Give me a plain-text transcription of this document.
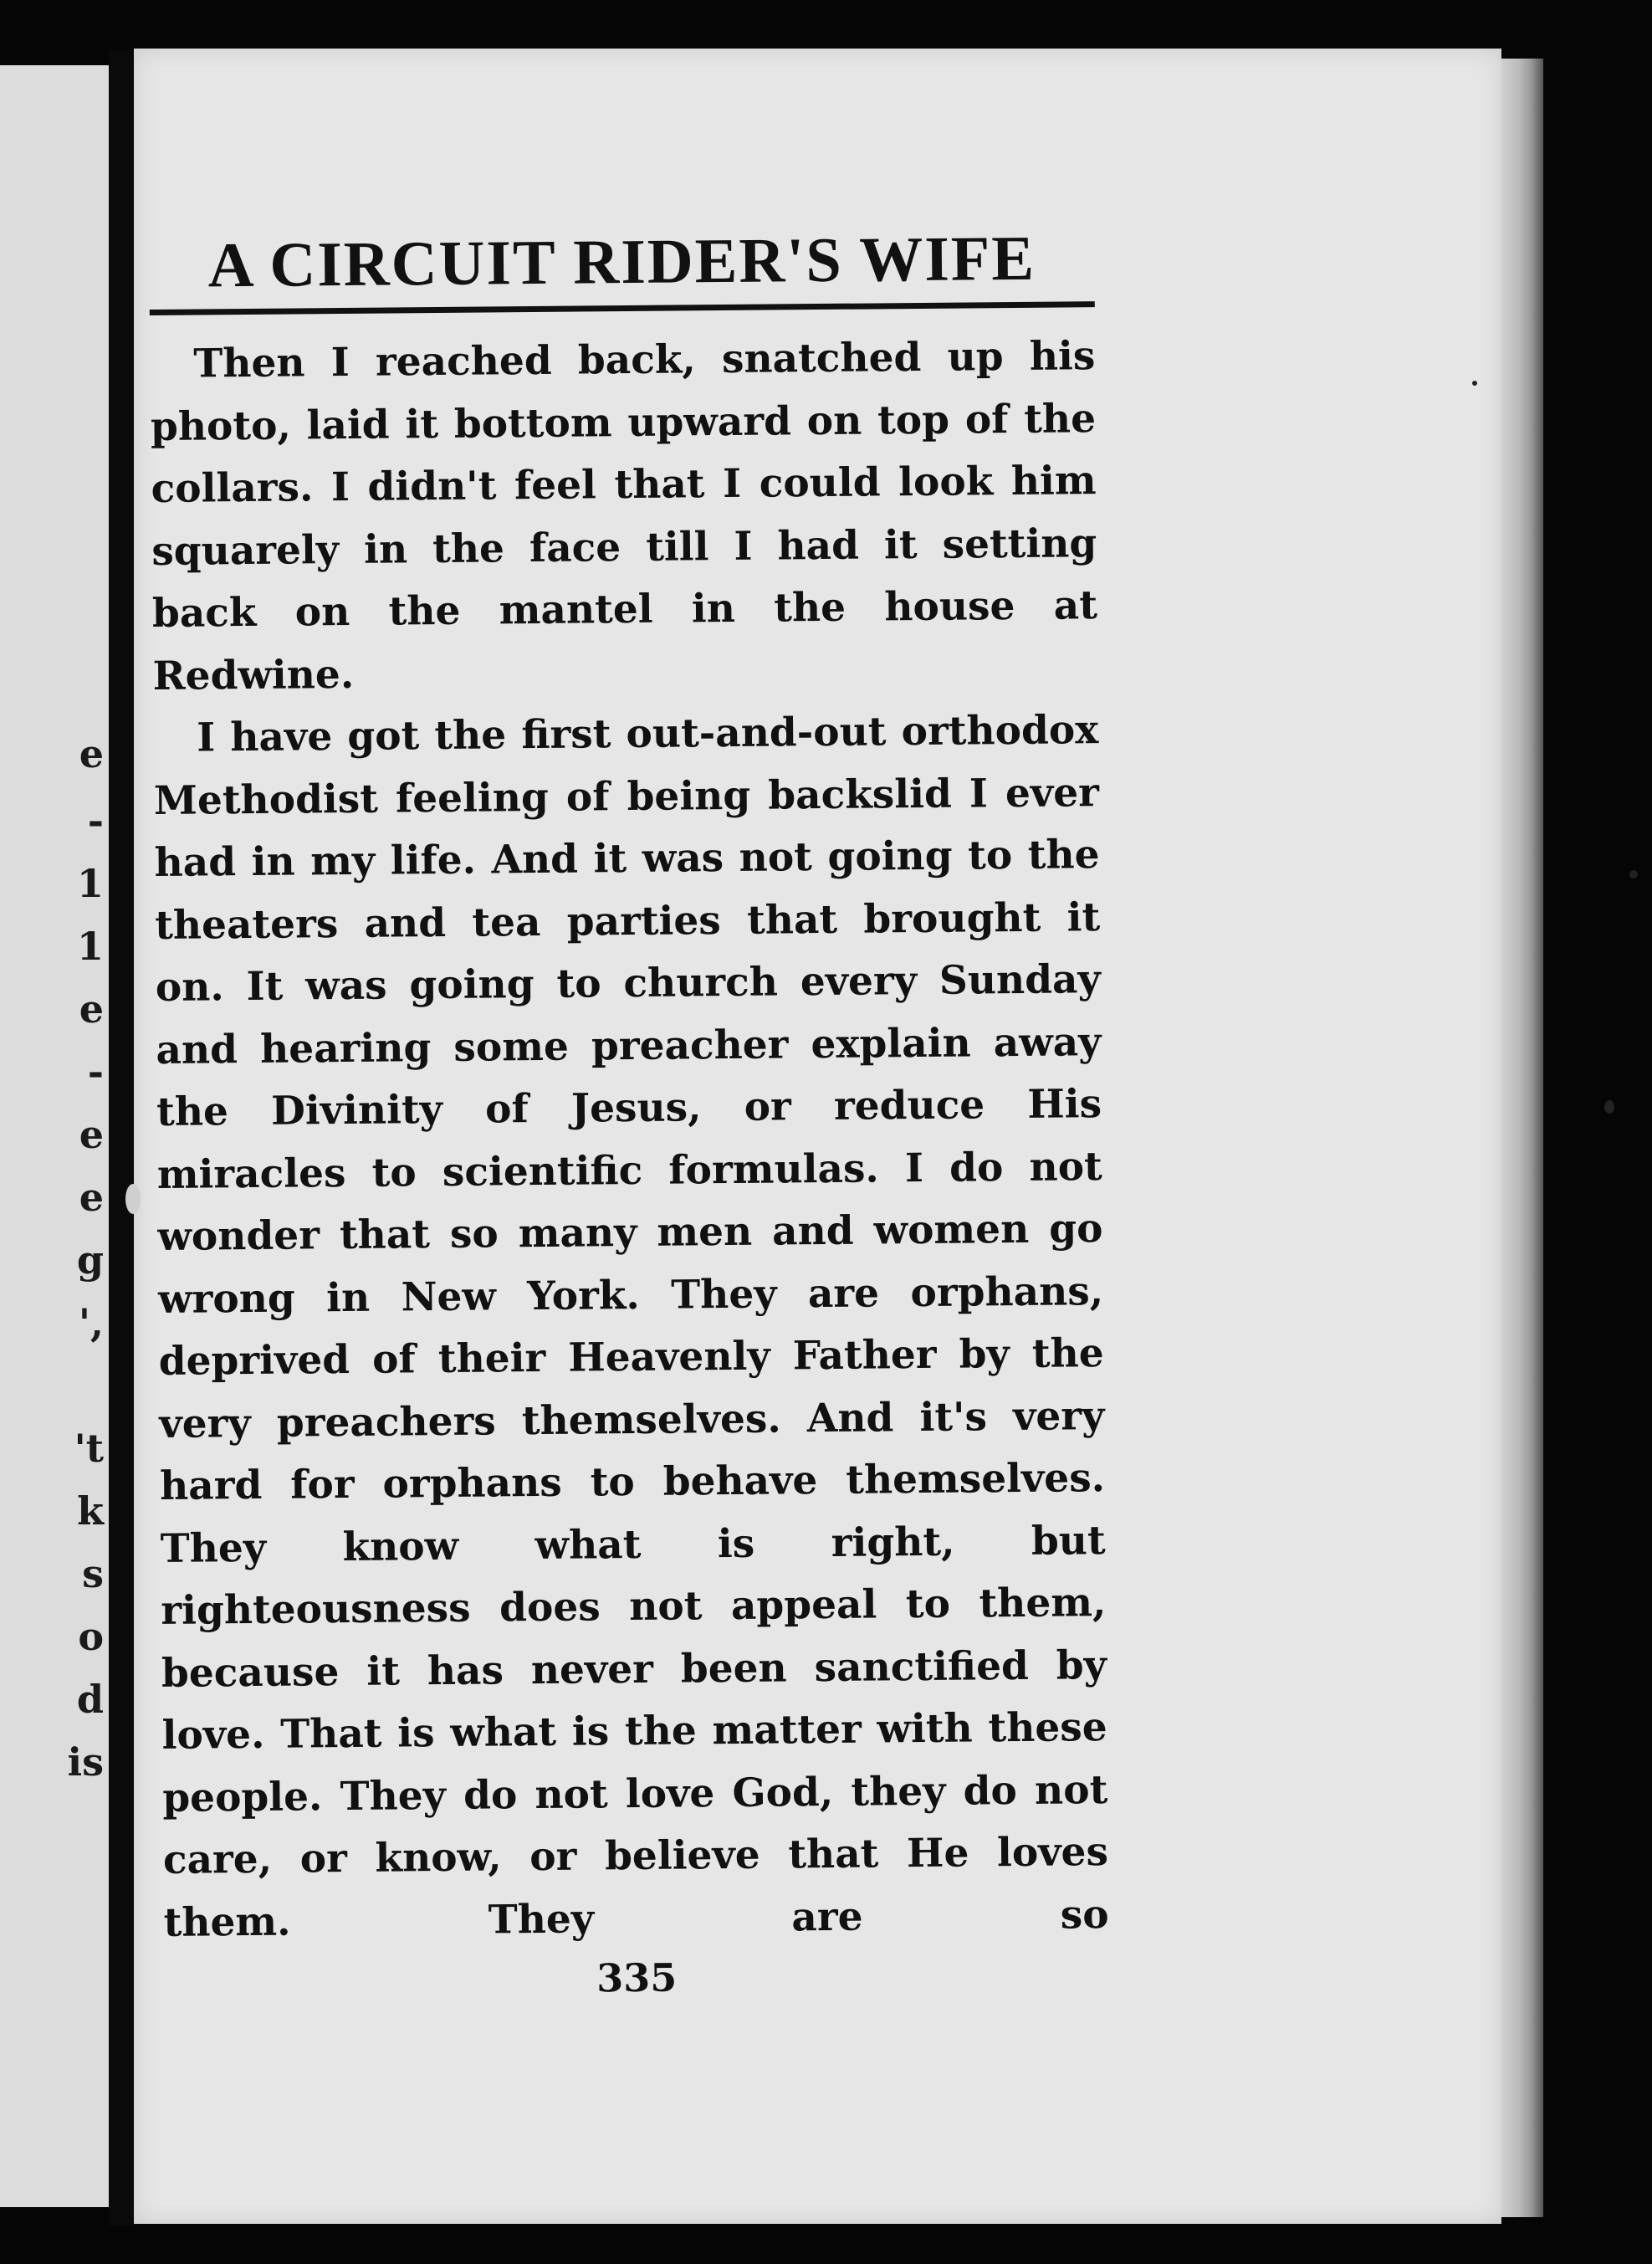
e
-
1
1
e
-
e
e
g
',
't
k
s
o
d
is
A CIRCUIT RIDER'S WIFE

Then I reached back, snatched up his photo, laid it bottom upward on top of the collars. I didn't feel that I could look him squarely in the face till I had it setting back on the mantel in the house at Redwine.

I have got the first out-and-out orthodox Methodist feeling of being backslid I ever had in my life. And it was not going to the theaters and tea parties that brought it on. It was going to church every Sunday and hearing some preacher explain away the Divinity of Jesus, or reduce His miracles to scientific formulas. I do not wonder that so many men and women go wrong in New York. They are orphans, deprived of their Heavenly Father by the very preachers themselves. And it's very hard for orphans to behave themselves. They know what is right, but righteousness does not appeal to them, because it has never been sanctified by love. That is what is the matter with these people. They do not love God, they do not care, or know, or believe that He loves them. They are so

335
